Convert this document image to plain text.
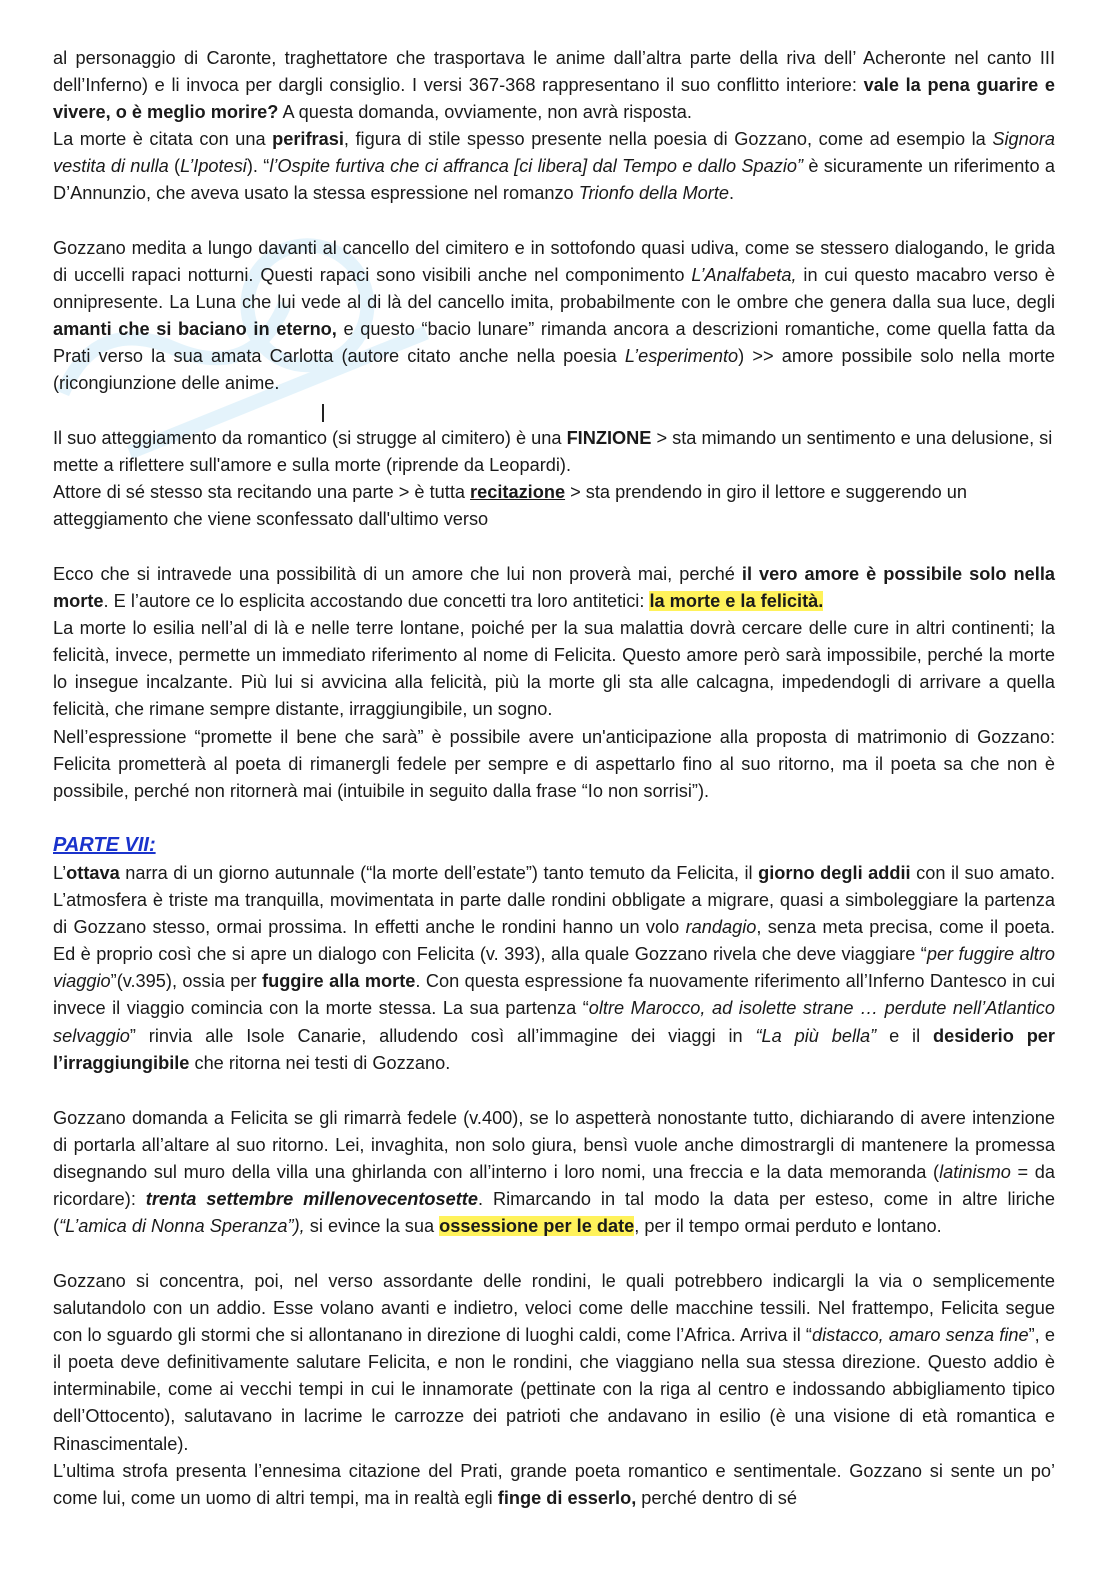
al personaggio di Caronte, traghettatore che trasportava le anime dall’altra parte della riva dell’ Acheronte nel canto III dell’Inferno) e li invoca per dargli consiglio. I versi 367-368 rappresentano il suo conflitto interiore: vale la pena guarire e vivere, o è meglio morire? A questa domanda, ovviamente, non avrà risposta.
La morte è citata con una perifrasi, figura di stile spesso presente nella poesia di Gozzano, come ad esempio la Signora vestita di nulla (L’Ipotesi). “l’Ospite furtiva che ci affranca [ci libera] dal Tempo e dallo Spazio” è sicuramente un riferimento a D’Annunzio, che aveva usato la stessa espressione nel romanzo Trionfo della Morte.
Gozzano medita a lungo davanti al cancello del cimitero e in sottofondo quasi udiva, come se stessero dialogando, le grida di uccelli rapaci notturni. Questi rapaci sono visibili anche nel componimento L’Analfabeta, in cui questo macabro verso è onnipresente. La Luna che lui vede al di là del cancello imita, probabilmente con le ombre che genera dalla sua luce, degli amanti che si baciano in eterno, e questo “bacio lunare” rimanda ancora a descrizioni romantiche, come quella fatta da Prati verso la sua amata Carlotta (autore citato anche nella poesia L’esperimento) >> amore possibile solo nella morte (ricongiunzione delle anime.
Il suo atteggiamento da romantico (si strugge al cimitero) è una FINZIONE > sta mimando un sentimento e una delusione, si mette a riflettere sull'amore e sulla morte (riprende da Leopardi).
Attore di sé stesso sta recitando una parte > è tutta recitazione > sta prendendo in giro il lettore e suggerendo un atteggiamento che viene sconfessato dall'ultimo verso
Ecco che si intravede una possibilità di un amore che lui non proverà mai, perché il vero amore è possibile solo nella morte. E l’autore ce lo esplicita accostando due concetti tra loro antitetici: la morte e la felicità.
La morte lo esilia nell’al di là e nelle terre lontane, poiché per la sua malattia dovrà cercare delle cure in altri continenti; la felicità, invece, permette un immediato riferimento al nome di Felicita. Questo amore però sarà impossibile, perché la morte lo insegue incalzante. Più lui si avvicina alla felicità, più la morte gli sta alle calcagna, impedendogli di arrivare a quella felicità, che rimane sempre distante, irraggiungibile, un sogno.
Nell’espressione “promette il bene che sarà” è possibile avere un'anticipazione alla proposta di matrimonio di Gozzano: Felicita prometterà al poeta di rimanergli fedele per sempre e di aspettarlo fino al suo ritorno, ma il poeta sa che non è possibile, perché non ritornerà mai (intuibile in seguito dalla frase “Io non sorrisi”).
PARTE VII:
L’ottava narra di un giorno autunnale (“la morte dell’estate”) tanto temuto da Felicita, il giorno degli addii con il suo amato. L’atmosfera è triste ma tranquilla, movimentata in parte dalle rondini obbligate a migrare, quasi a simboleggiare la partenza di Gozzano stesso, ormai prossima. In effetti anche le rondini hanno un volo randagio, senza meta precisa, come il poeta. Ed è proprio così che si apre un dialogo con Felicita (v. 393), alla quale Gozzano rivela che deve viaggiare “per fuggire altro viaggio”(v.395), ossia per fuggire alla morte. Con questa espressione fa nuovamente riferimento all’Inferno Dantesco in cui invece il viaggio comincia con la morte stessa. La sua partenza “oltre Marocco, ad isolette strane … perdute nell’Atlantico selvaggio” rinvia alle Isole Canarie, alludendo così all’immagine dei viaggi in “La più bella” e il desiderio per l’irraggiungibile che ritorna nei testi di Gozzano.
Gozzano domanda a Felicita se gli rimarrà fedele (v.400), se lo aspetterà nonostante tutto, dichiarando di avere intenzione di portarla all’altare al suo ritorno. Lei, invaghita, non solo giura, bensì vuole anche dimostrargli di mantenere la promessa disegnando sul muro della villa una ghirlanda con all’interno i loro nomi, una freccia e la data memoranda (latinismo = da ricordare): trenta settembre millenovecentosette. Rimarcando in tal modo la data per esteso, come in altre liriche (“L’amica di Nonna Speranza”), si evince la sua ossessione per le date, per il tempo ormai perduto e lontano.
Gozzano si concentra, poi, nel verso assordante delle rondini, le quali potrebbero indicargli la via o semplicemente salutandolo con un addio. Esse volano avanti e indietro, veloci come delle macchine tessili. Nel frattempo, Felicita segue con lo sguardo gli stormi che si allontanano in direzione di luoghi caldi, come l’Africa. Arriva il “distacco, amaro senza fine”, e il poeta deve definitivamente salutare Felicita, e non le rondini, che viaggiano nella sua stessa direzione. Questo addio è interminabile, come ai vecchi tempi in cui le innamorate (pettinate con la riga al centro e indossando abbigliamento tipico dell’Ottocento), salutavano in lacrime le carrozze dei patrioti che andavano in esilio (è una visione di età romantica e Rinascimentale).
L’ultima strofa presenta l’ennesima citazione del Prati, grande poeta romantico e sentimentale. Gozzano si sente un po’ come lui, come un uomo di altri tempi, ma in realtà egli finge di esserlo, perché dentro di sé
